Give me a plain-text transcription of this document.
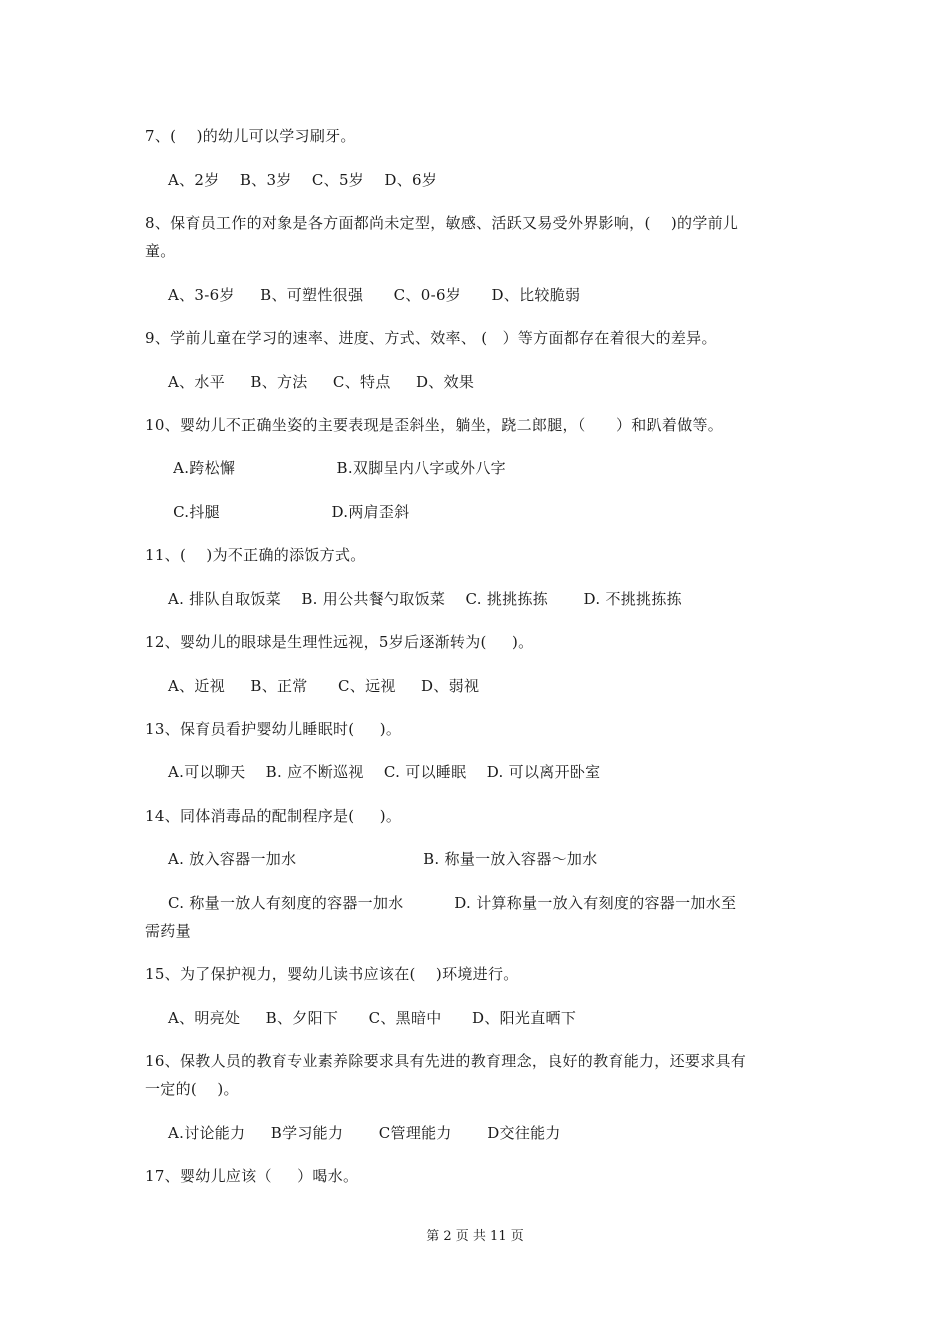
7、(    )的幼儿可以学习刷牙。
A、2岁    B、3岁    C、5岁    D、6岁
8、保育员工作的对象是各方面都尚未定型，敏感、活跃又易受外界影响，(    )的学前儿
童。
A、3-6岁     B、可塑性很强      C、0-6岁      D、比较脆弱
9、学前儿童在学习的速率、进度、方式、效率、 (   ）等方面都存在着很大的差异。
A、水平     B、方法     C、特点     D、效果
10、婴幼儿不正确坐姿的主要表现是歪斜坐，躺坐，跷二郎腿，（      ）和趴着做等。
A.跨松懈                    B.双脚呈内八字或外八字
C.抖腿                      D.两肩歪斜
11、(    )为不正确的添饭方式。
A. 排队自取饭菜    B. 用公共餐勺取饭菜    C. 挑挑拣拣       D. 不挑挑拣拣
12、婴幼儿的眼球是生理性远视，5岁后逐渐转为(     )。
A、近视     B、正常      C、远视     D、弱视
13、保育员看护婴幼儿睡眠时(     )。
A.可以聊天    B. 应不断巡视    C. 可以睡眠    D. 可以离开卧室
14、同体消毒品的配制程序是(     )。
A. 放入容器一加水                         B. 称量一放入容器～加水
C. 称量一放人有刻度的容器一加水          D. 计算称量一放入有刻度的容器一加水至
需药量
15、为了保护视力，婴幼儿读书应该在(    )环境进行。
A、明亮处     B、夕阳下      C、黑暗中      D、阳光直晒下
16、保教人员的教育专业素养除要求具有先进的教育理念，良好的教育能力，还要求具有
一定的(    )。
A.讨论能力     B学习能力       C管理能力       D交往能力
17、婴幼儿应该（     ）喝水。
第 2 页 共 11 页
